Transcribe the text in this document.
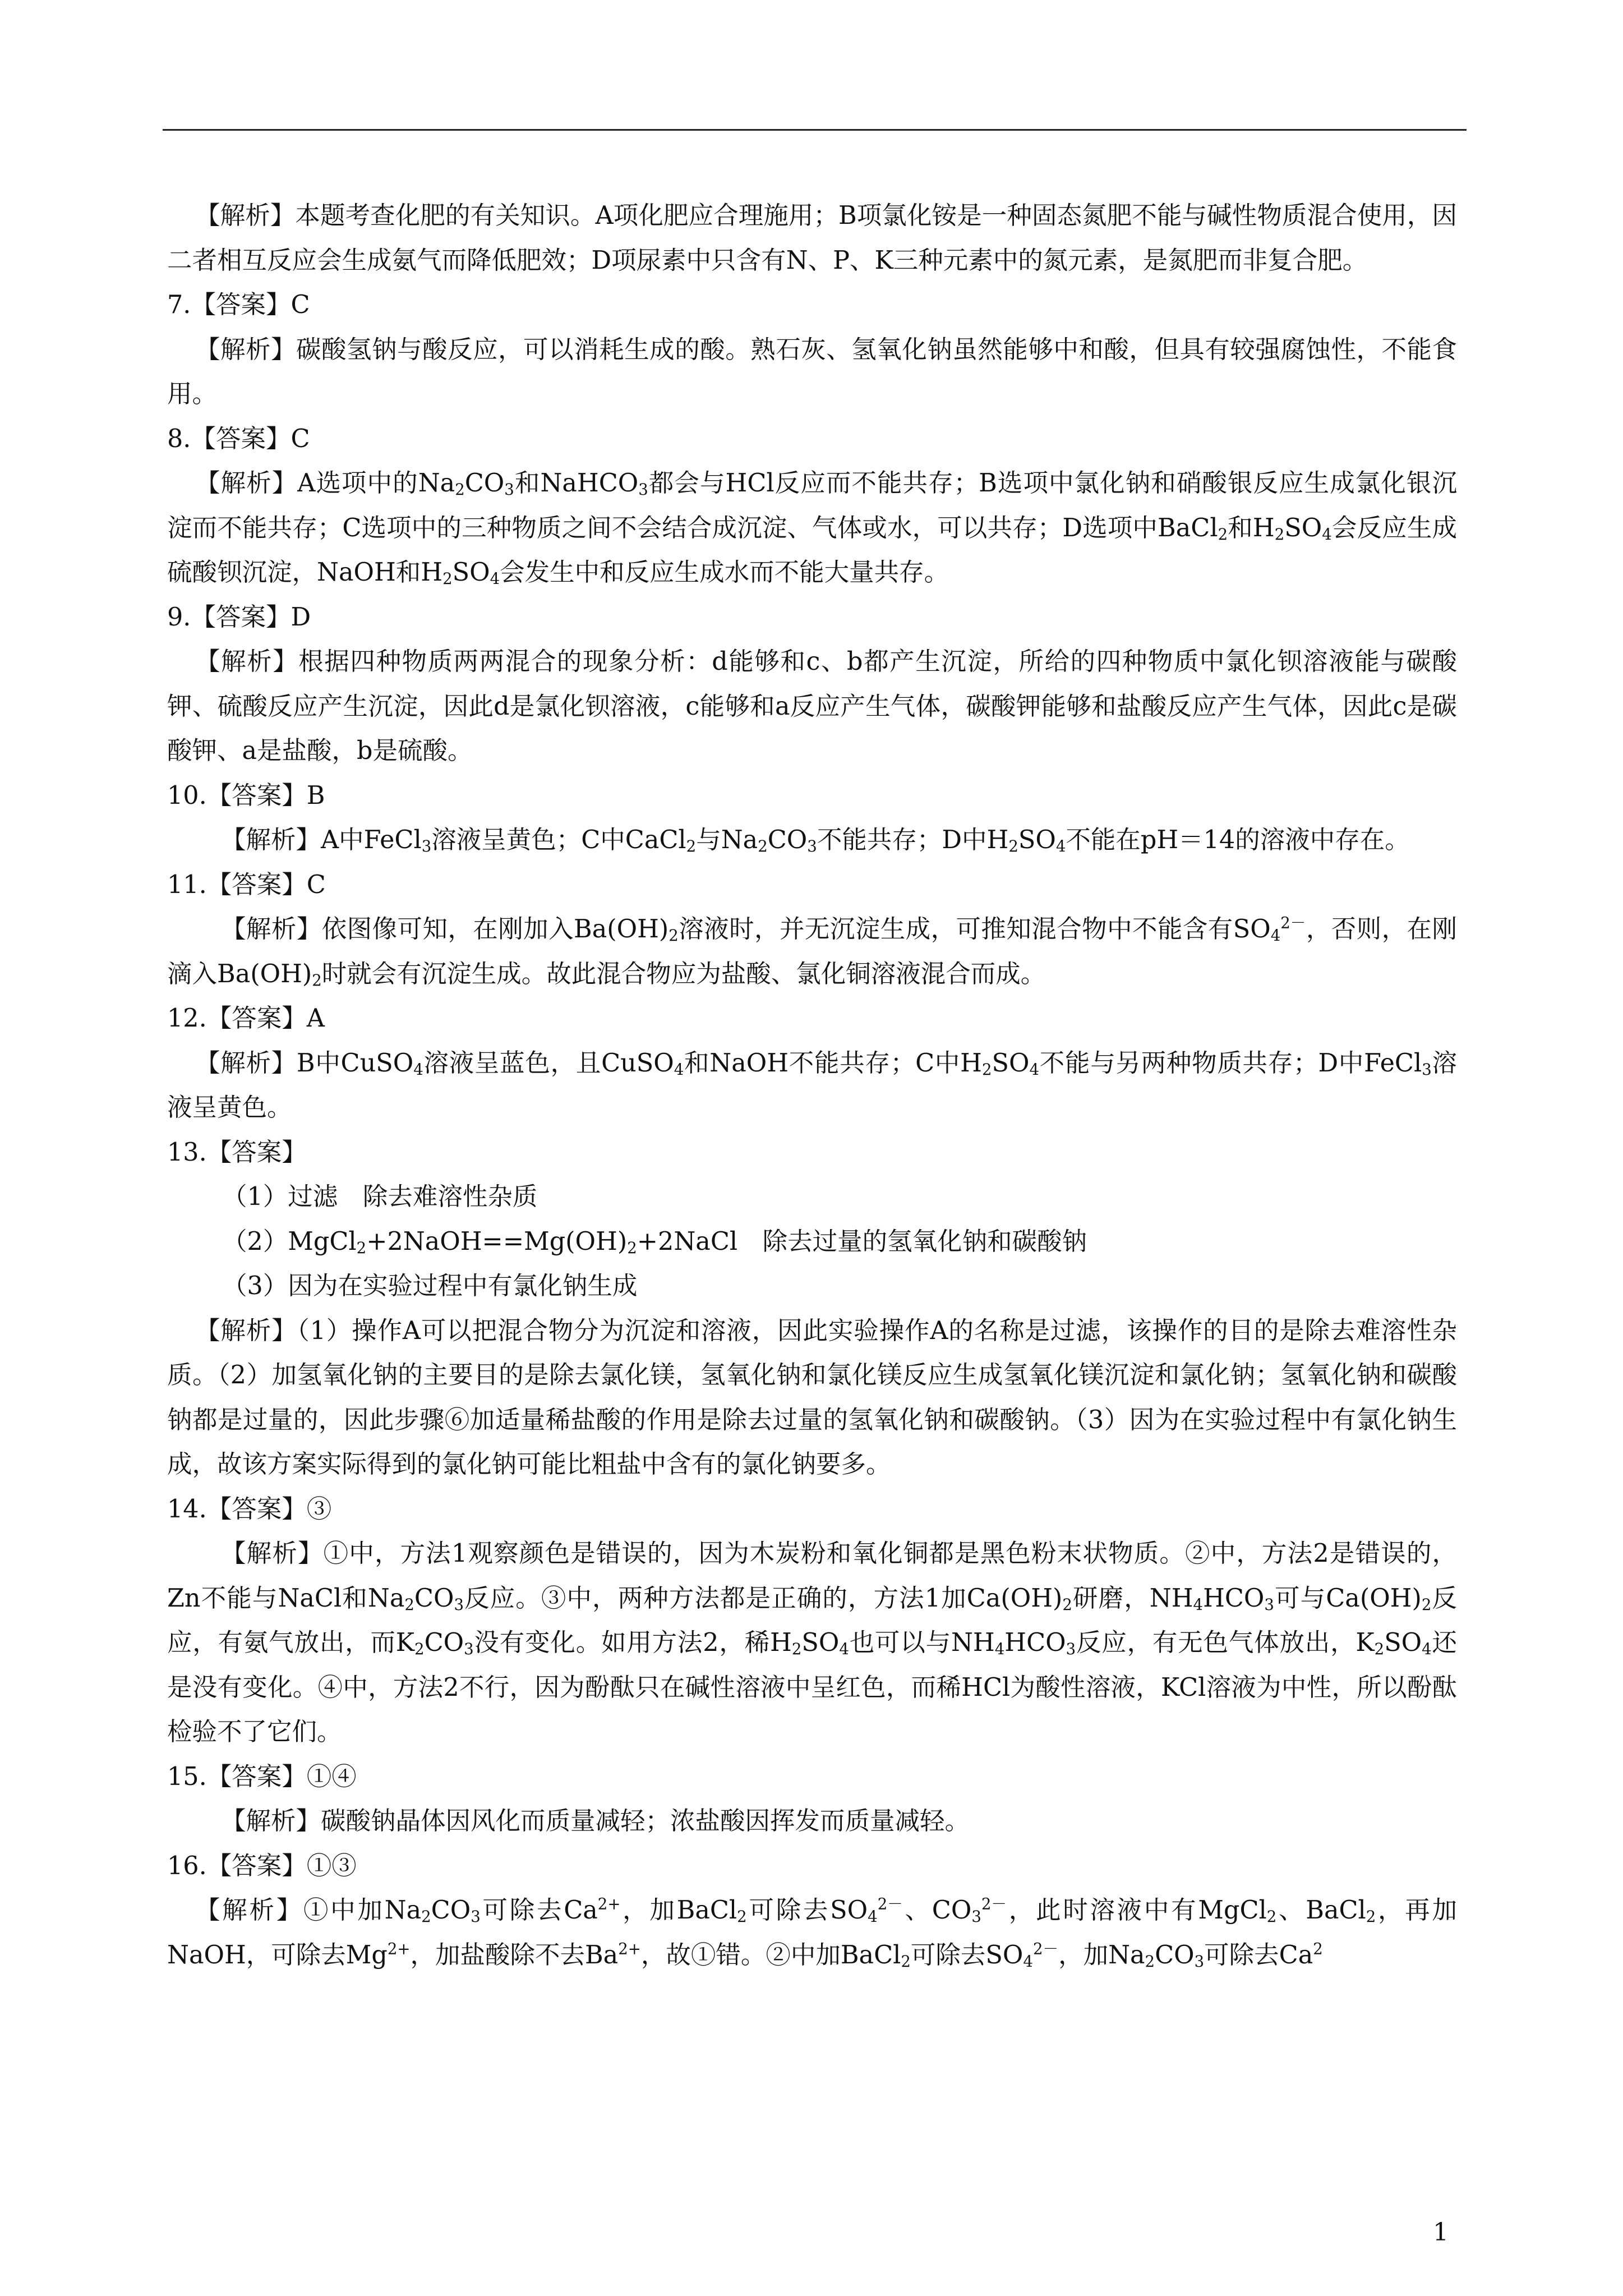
【解析】本题考查化肥的有关知识。A项化肥应合理施用；B项氯化铵是一种固态氮肥不能与碱性物质混合使用，因二者相互反应会生成氨气而降低肥效；D项尿素中只含有N、P、K三种元素中的氮元素，是氮肥而非复合肥。

7.【答案】C

【解析】碳酸氢钠与酸反应，可以消耗生成的酸。熟石灰、氢氧化钠虽然能够中和酸，但具有较强腐蚀性，不能食用。

8.【答案】C

【解析】A选项中的$Na_2CO_3$和NaHCO$_3$都会与HCl反应而不能共存；B选项中氯化钠和硝酸银反应生成氯化银沉淀而不能共存；C选项中的三种物质之间不会结合成沉淀、气体或水，可以共存；D选项中BaCl$_2$和$H_2SO_4$会反应生成硫酸钡沉淀，NaOH和$H_2SO_4$会发生中和反应生成水而不能大量共存。

9.【答案】D

【解析】根据四种物质两两混合的现象分析：d能够和c、b都产生沉淀，所给的四种物质中氯化钡溶液能与碳酸钾、硫酸反应产生沉淀，因此d是氯化钡溶液，c能够和a反应产生气体，碳酸钾能够和盐酸反应产生气体，因此c是碳酸钾、a是盐酸，b是硫酸。

10.【答案】B

【解析】A中FeCl$_3$溶液呈黄色；C中CaCl$_2$与$Na_2CO_3$不能共存；D中$H_2SO_4$不能在pH＝14的溶液中存在。

11.【答案】C

【解析】依图像可知，在刚加入$Ba(OH)_2$溶液时，并无沉淀生成，可推知混合物中不能含有$SO_4^{2-}$，否则，在刚滴入$Ba(OH)_2$时就会有沉淀生成。故此混合物应为盐酸、氯化铜溶液混合而成。

12.【答案】A

【解析】B中CuSO$_4$溶液呈蓝色，且CuSO$_4$和NaOH不能共存；C中$H_2SO_4$不能与另两种物质共存；D中FeCl$_3$溶液呈黄色。

13.【答案】

（1）过滤　除去难溶性杂质

$(2)MgCl_2+2NaOH==Mg(OH)_2+2NaCl$　除去过量的氢氧化钠和碳酸钠

（3）因为在实验过程中有氯化钠生成

【解析】（1）操作A可以把混合物分为沉淀和溶液，因此实验操作A的名称是过滤，该操作的目的是除去难溶性杂质。（2）加氢氧化钠的主要目的是除去氯化镁，氢氧化钠和氯化镁反应生成氢氧化镁沉淀和氯化钠；氢氧化钠和碳酸钠都是过量的，因此步骤⑥加适量稀盐酸的作用是除去过量的氢氧化钠和碳酸钠。（3）因为在实验过程中有氯化钠生成，故该方案实际得到的氯化钠可能比粗盐中含有的氯化钠要多。

14.【答案】③

【解析】①中，方法1观察颜色是错误的，因为木炭粉和氧化铜都是黑色粉末状物质。②中，方法2是错误的，Zn不能与NaCl和$Na_2CO_3$反应。③中，两种方法都是正确的，方法1加$Ca(OH)_2$研磨，$NH_4HCO_3$可与$Ca(OH)_2$反应，有氨气放出，而$K_2CO_3$没有变化。如用方法2，稀$H_2SO_4$也可以与$NH_4HCO_3$反应，有无色气体放出，$K_2SO_4$还是没有变化。④中，方法2不行，因为酚酞只在碱性溶液中呈红色，而稀HCl为酸性溶液，KCl溶液为中性，所以酚酞检验不了它们。

15.【答案】①④

【解析】碳酸钠晶体因风化而质量减轻；浓盐酸因挥发而质量减轻。

16.【答案】①③

【解析】①中加$Na_2CO_3$可除去$Ca^{2+}$，加BaCl$_2$可除去$SO_4^{2-}$、$CO_3^{2-}$，此时溶液中有MgCl$_2$、BaCl$_2$，再加NaOH，可除去$Mg^{2+}$，加盐酸除不去$Ba^{2+}$，故①错。②中加BaCl$_2$可除去$SO_4^{2-}$，加$Na_2CO_3$可除去Ca$^2$

1
